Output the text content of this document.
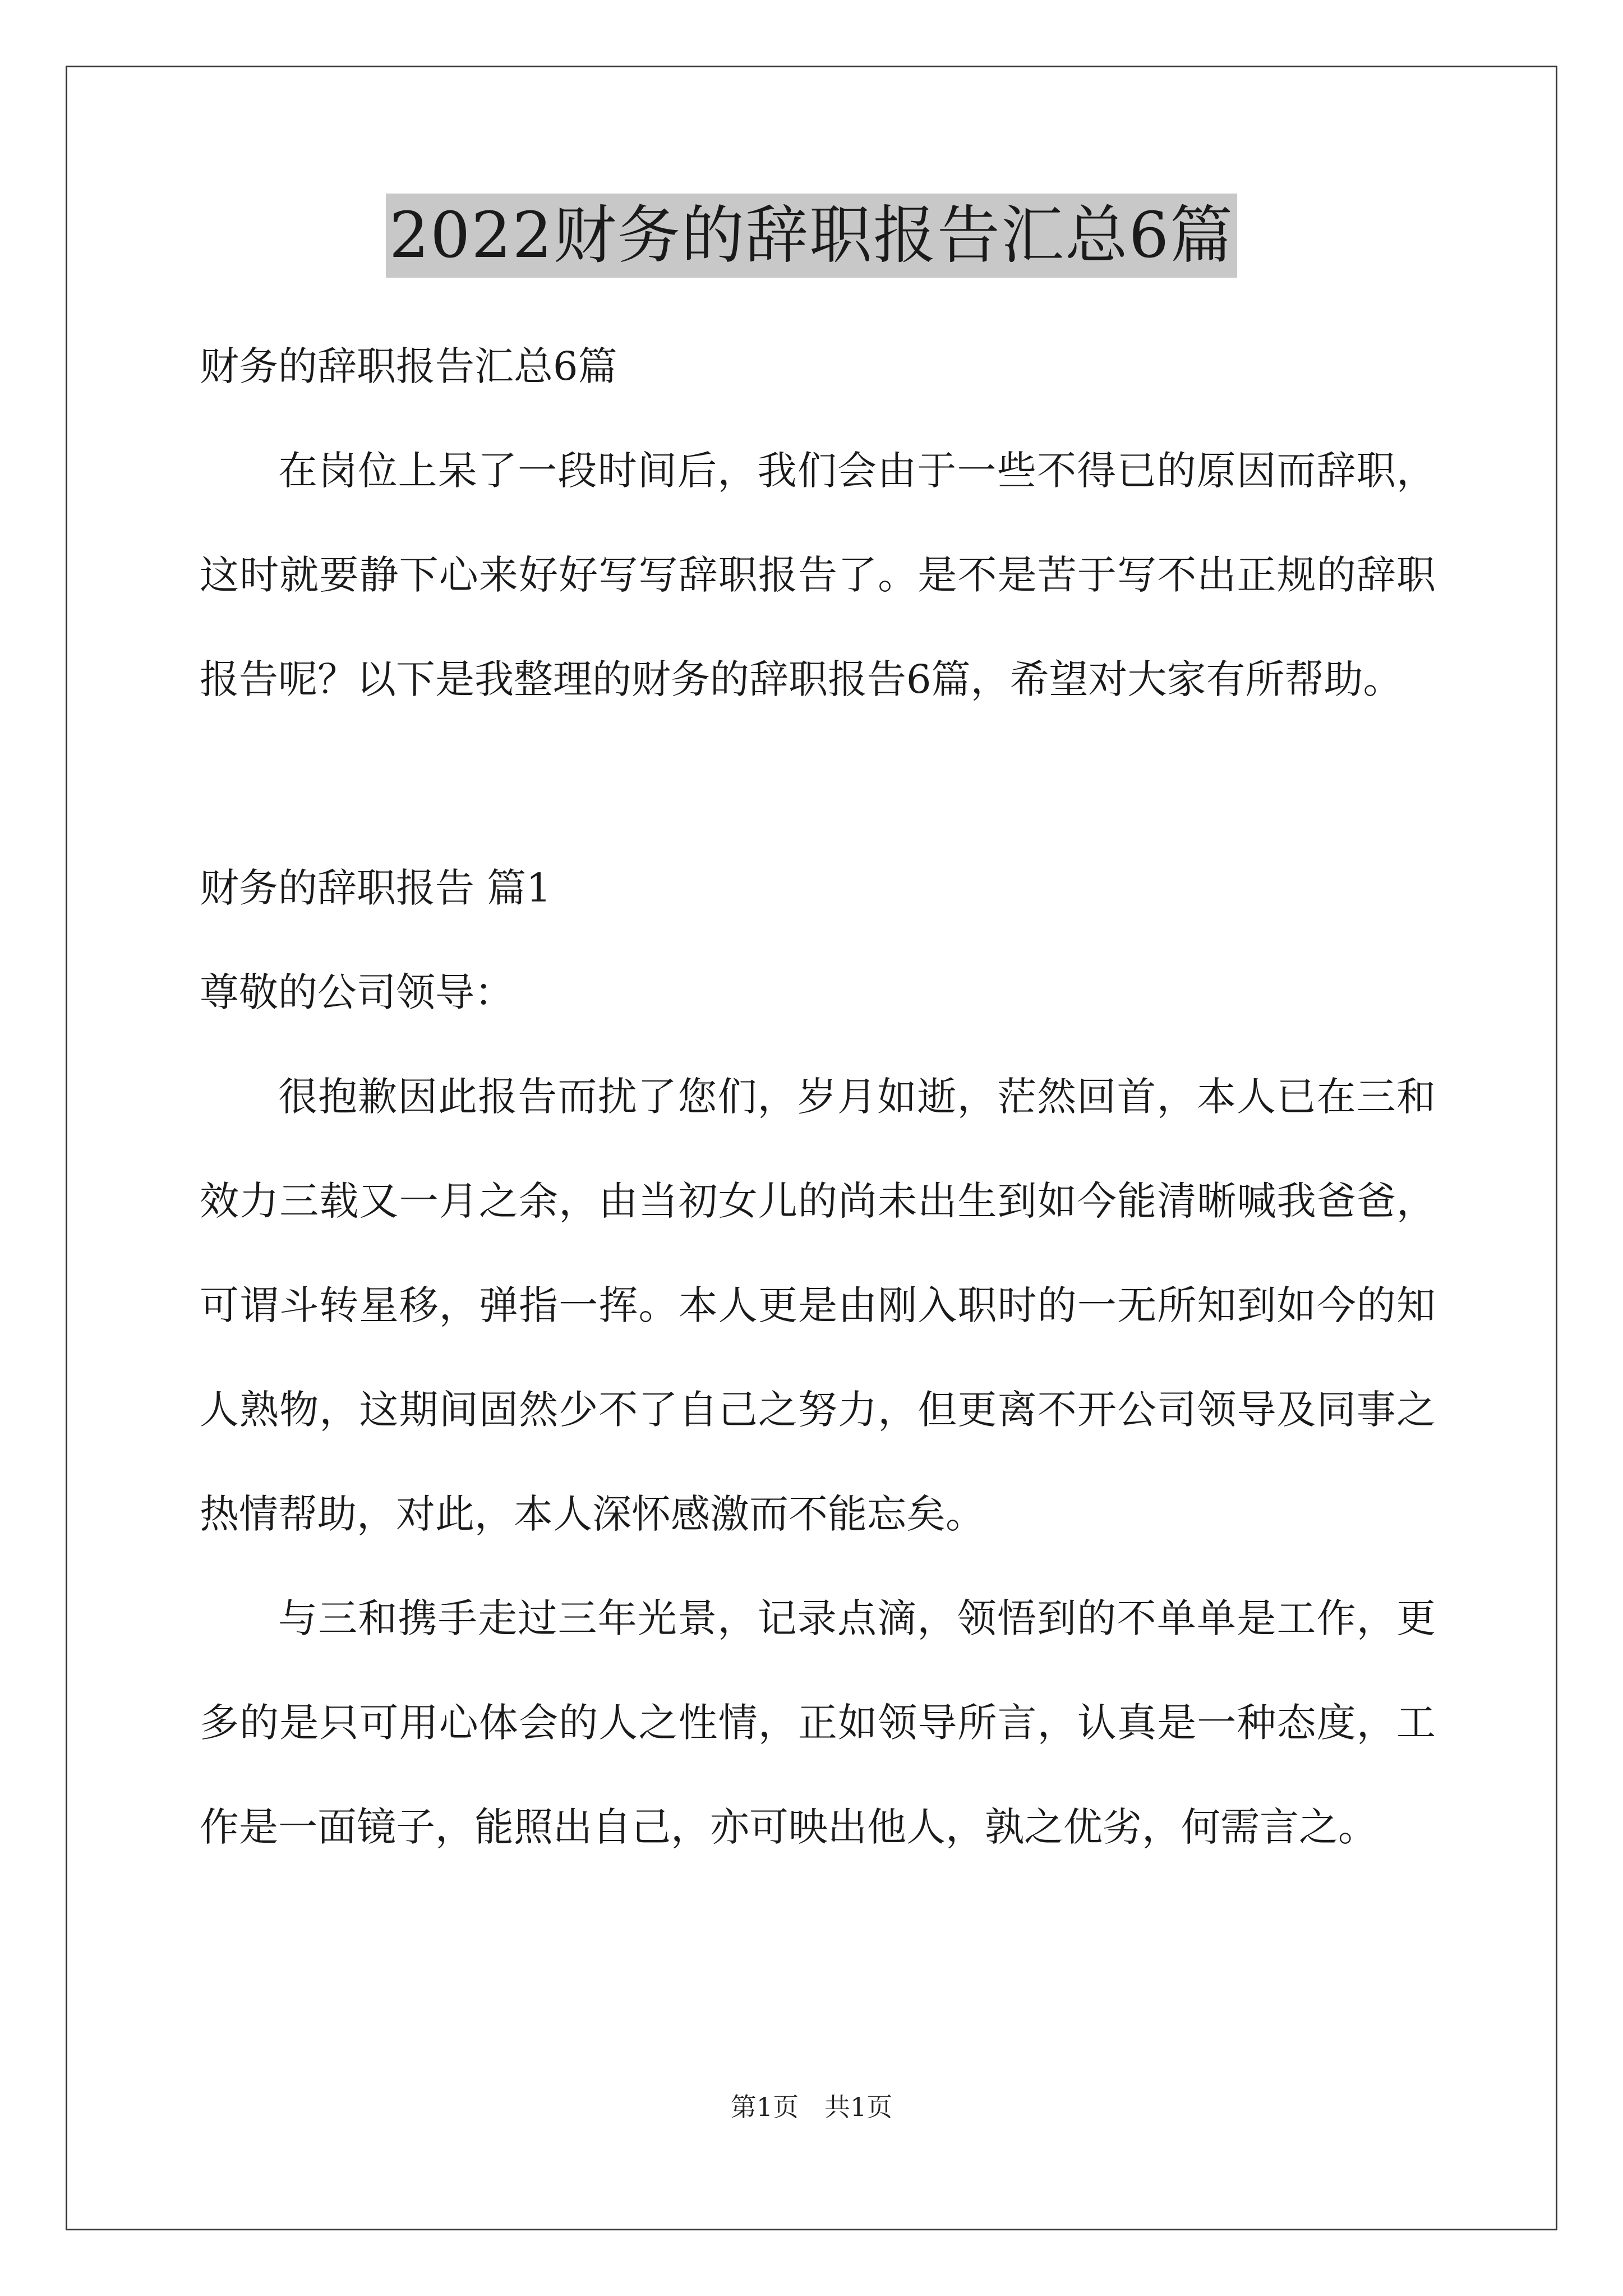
2022财务的辞职报告汇总6篇

财务的辞职报告汇总6篇

在岗位上呆了一段时间后，我们会由于一些不得已的原因而辞职，这时就要静下心来好好写写辞职报告了。是不是苦于写不出正规的辞职报告呢？以下是我整理的财务的辞职报告6篇，希望对大家有所帮助。

财务的辞职报告 篇1

尊敬的公司领导：

很抱歉因此报告而扰了您们，岁月如逝，茫然回首，本人已在三和效力三载又一月之余，由当初女儿的尚未出生到如今能清晰喊我爸爸，可谓斗转星移，弹指一挥。本人更是由刚入职时的一无所知到如今的知人熟物，这期间固然少不了自己之努力，但更离不开公司领导及同事之热情帮助，对此，本人深怀感激而不能忘矣。

与三和携手走过三年光景，记录点滴，领悟到的不单单是工作，更多的是只可用心体会的人之性情，正如领导所言，认真是一种态度，工作是一面镜子，能照出自己，亦可映出他人，孰之优劣，何需言之。

第1页　共1页
